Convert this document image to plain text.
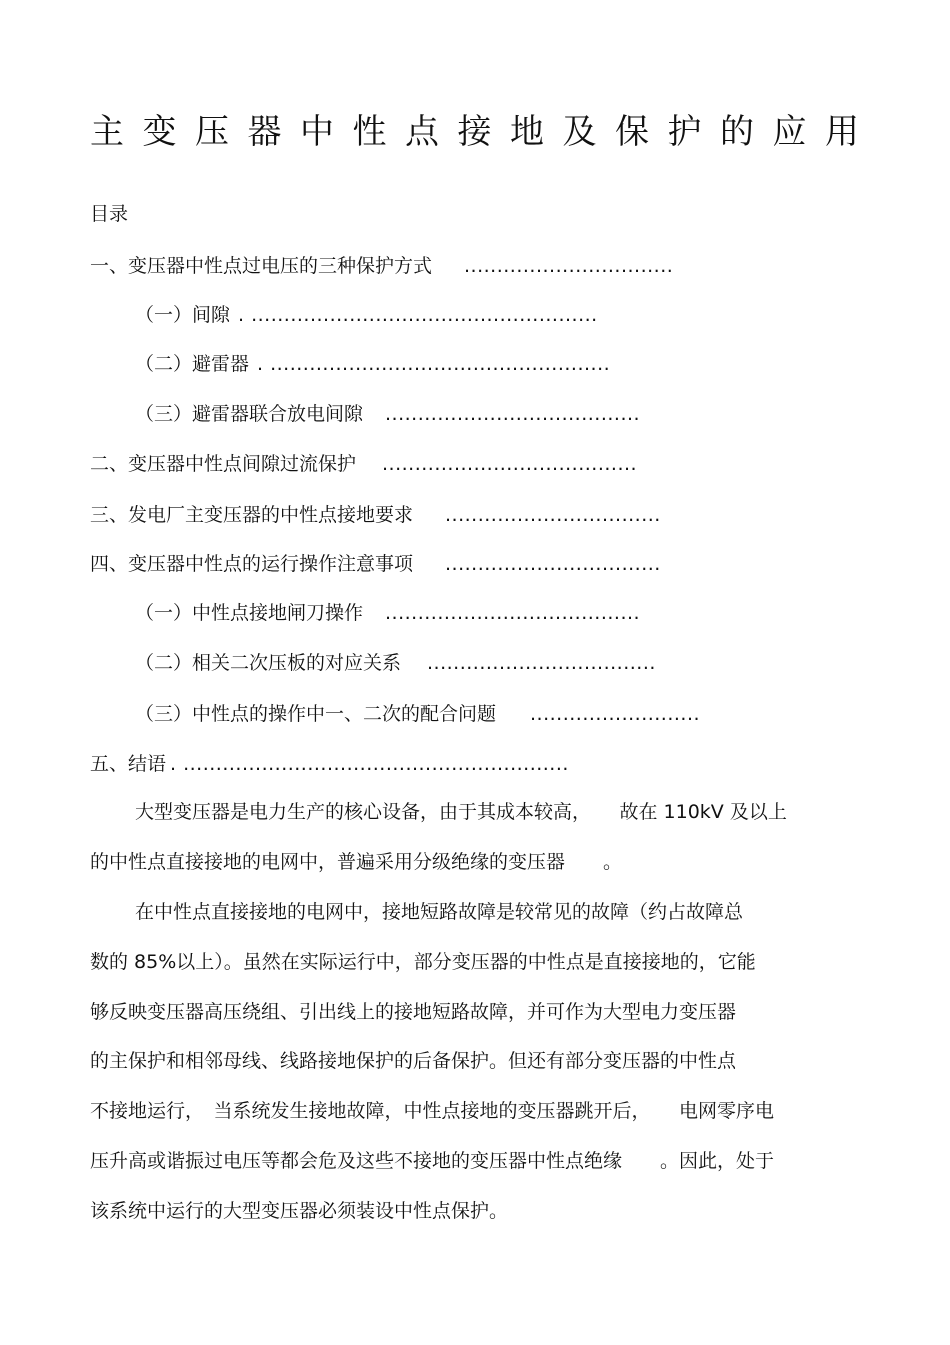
主变压器中性点接地及保护的应用
目录
一、变压器中性点过电压的三种保护方式 ................................
（一）间隙 . .....................................................
（二）避雷器 . ....................................................
（三）避雷器联合放电间隙 .......................................
二、变压器中性点间隙过流保护 .......................................
三、发电厂主变压器的中性点接地要求 .................................
四、变压器中性点的运行操作注意事项 .................................
（一）中性点接地闸刀操作 .......................................
（二）相关二次压板的对应关系 ...................................
（三）中性点的操作中一、二次的配合问题 ..........................
五、结语 . ...........................................................
大型变压器是电力生产的核心设备，由于其成本较高，　　故在 110kV 及以上
的中性点直接接地的电网中，普遍采用分级绝缘的变压器　　。
在中性点直接接地的电网中，接地短路故障是较常见的故障（约占故障总
数的 85%以上）。虽然在实际运行中，部分变压器的中性点是直接接地的，它能
够反映变压器高压绕组、引出线上的接地短路故障，并可作为大型电力变压器
的主保护和相邻母线、线路接地保护的后备保护。但还有部分变压器的中性点
不接地运行，　当系统发生接地故障，中性点接地的变压器跳开后，　　电网零序电
压升高或谐振过电压等都会危及这些不接地的变压器中性点绝缘　　。因此，处于
该系统中运行的大型变压器必须装设中性点保护。
